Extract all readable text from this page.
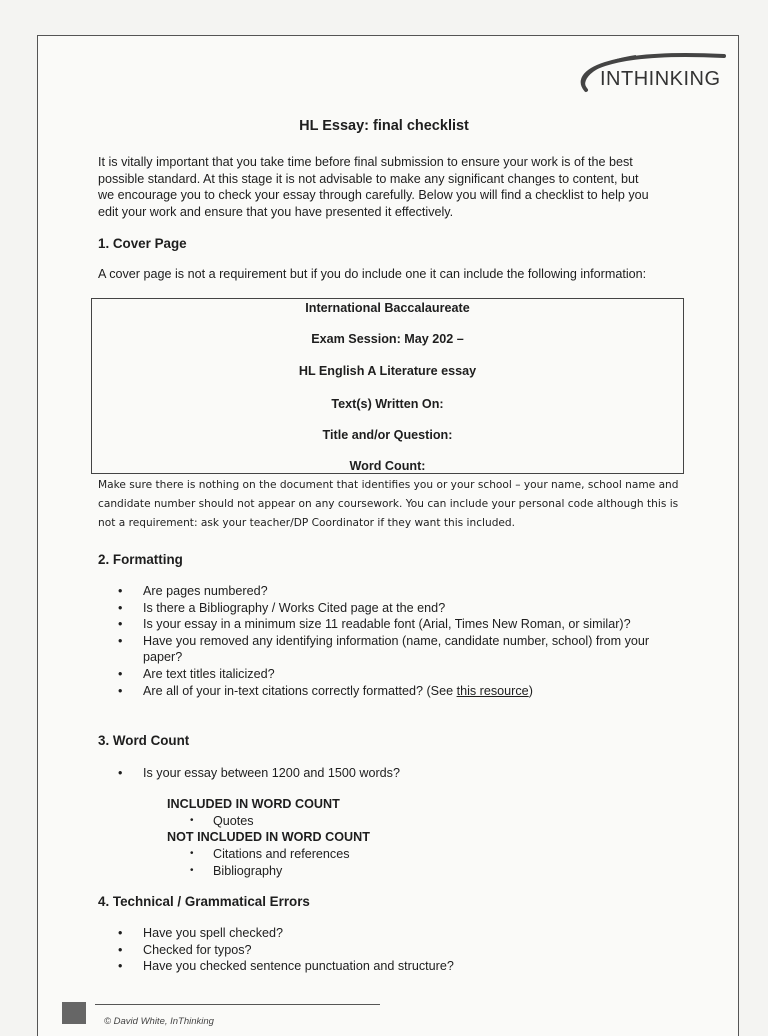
INTHINKING
HL Essay: final checklist
It is vitally important that you take time before final submission to ensure your work is of the best possible standard. At this stage it is not advisable to make any significant changes to content, but we encourage you to check your essay through carefully. Below you will find a checklist to help you edit your work and ensure that you have presented it effectively.
1. Cover Page
A cover page is not a requirement but if you do include one it can include the following information:
International Baccalaureate
Exam Session: May 202 –
HL English A Literature essay
Text(s) Written On:
Title and/or Question:
Word Count:
Make sure there is nothing on the document that identifies you or your school – your name, school name and candidate number should not appear on any coursework. You can include your personal code although this is not a requirement: ask your teacher/DP Coordinator if they want this included.
2. Formatting
• Are pages numbered?
• Is there a Bibliography / Works Cited page at the end?
• Is your essay in a minimum size 11 readable font (Arial, Times New Roman, or similar)?
• Have you removed any identifying information (name, candidate number, school) from your paper?
• Are text titles italicized?
• Are all of your in-text citations correctly formatted? (See this resource)
3. Word Count
• Is your essay between 1200 and 1500 words?
INCLUDED IN WORD COUNT
• Quotes
NOT INCLUDED IN WORD COUNT
• Citations and references
• Bibliography
4. Technical / Grammatical Errors
• Have you spell checked?
• Checked for typos?
• Have you checked sentence punctuation and structure?
© David White, InThinking
